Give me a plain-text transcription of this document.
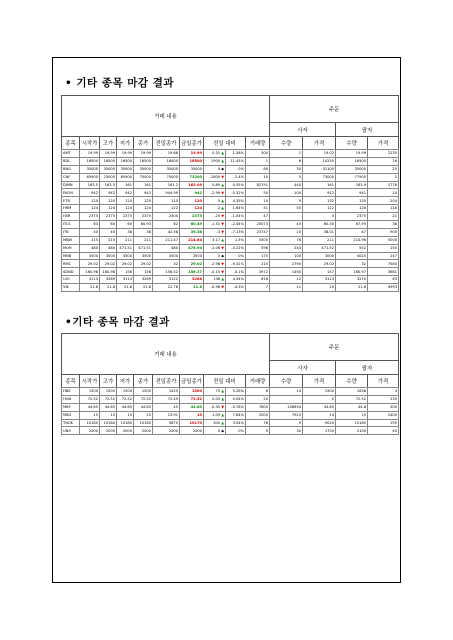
• 기타 종목 마감 결과
거래 내용									주문			
									사자		팔자	
종목	시작가	고가	저가	종가	전일종가	금일종가	전일 대비	거래량	수량	가격	수량	가격
AMT	19.99	19.99	19.99	19.99	19.68	19.99	0.31 ▲	1.58%	300	1	19.02	19.99	2235
BDL	16500	16500	16500	16500	16400	16500	1900 ▲	11.45%	1	6	14250	16500	16
BNG	35000	35000	35000	35000	35000	35000	0 ◆	0%	80	30	31100	35000	25
CNF	65900	75000	65900	75000	75000	73200	-1800 ▼	-2.4%	10	5	73000	77900	2
DJMN	163.5	163.5	161	161	161.2	162.09	0.89 ▲	0.55%	82791	440	161	163.9	1776
EKON	942	942	942	942	944.99	942	-2.99 ▼	-0.32%	50	100	912	941	14
ETR	120	120	120	120	115	120	5 ▲	4.35%	10	9	132	135	204
HRM	124	124	124	124	122	124	2 ▲	1.64%	51	50	122	128	118
HSR	2375	2375	2375	2375	2400	2375	-25 ▼	-1.04%	47		0	2375	21
ITLS	63	65	60	60.93	62	60.49	-1.51 ▼	-2.44%	20073	45	60.35	67.95	38
JTB	40	45	38	38	42.58	39.58	-3 ▼	-7.13%	23747	10	38.01	47	900
MBW	215	215	211	211	211.47	214.64	3.17 ▲	1.5%	5500	76	211	214.96	5000
MOH	480	480	471.51	471.51	480	478.94	-1.06 ▼	-0.22%	596	243	471.52	552	150
MNB	3500	3500	3500	3500	3500	3500	0 ◆	0%	175	100	3000	4025	247
RMC	29.02	29.02	29.02	29.02	32	29.02	-2.98 ▼	-9.31%	210	2790	29.02	32	7584
SDND	160.98	160.98	156	156	156.52	156.37	-0.15 ▼	-0.1%	3972	1490	157	160.97	3661
UIO	3113	3269	3113	3269	3122	3268	136 ▲	4.34%	618	12	3113	3270	63
VIK	21.8	21.8	21.8	21.8	22.78	21.8	-0.98 ▼	-4.3%	7	11	20	21.8	4993
•기타 종목 마감 결과
거래 내용									주문			
									사자		팔자	
종목	시작가	고가	저가	종가	전일종가	금일종가	전일 대비	거래량	수량	가격	수량	가격
HBZ	1500	1500	1500	1500	1425	1500	75 ▲	5.26%	6	14	1500	1638	4
HGN	72.52	72.52	72.52	72.52	72.49	72.52	0.03 ▲	0.04%	20		0	72.52	235
MBF	44.65	44.65	44.65	44.65	45	44.65	-0.35 ▼	-0.78%	7600	106634	44.65	44.8	500
MBG	15	15	15	15	13.91	15	1.09 ▲	7.84%	2000	7923	14	15	2400
TNGK	10180	10180	10180	10180	9870	10170	300 ▲	3.04%	78	9	9020	10180	195
UNS	2000	2000	2000	2000	2000	2000	0 ◆	0%	9	30	1700	2100	40
